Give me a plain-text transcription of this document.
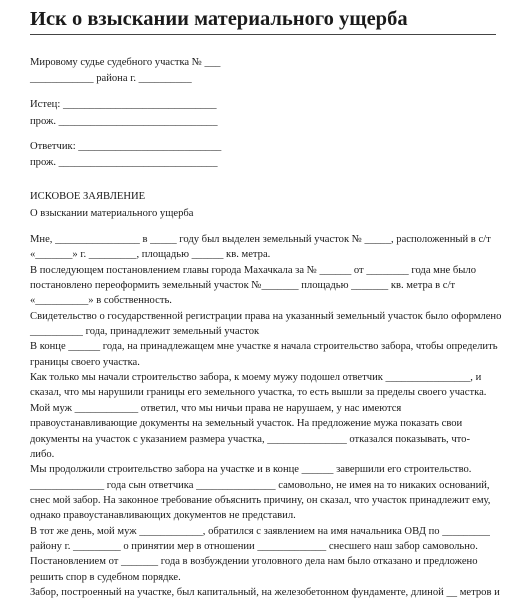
Иск о взыскании материального ущерба

Мировому судье судебного участка № ___

____________ района г. __________

Истец: _____________________________

прож. ______________________________

Ответчик: ___________________________

прож. ______________________________

ИСКОВОЕ ЗАЯВЛЕНИЕ

О взыскании материального ущерба

Мне, ________________ в _____ году был выделен земельный участок № _____, расположенный в с/т

«_______» г. _________, площадью ______ кв. метра.

В последующем постановлением главы города Махачкала за № ______ от ________ года мне было

постановлено переоформить земельный участок №_______ площадью _______ кв. метра в с/т

«__________» в собственность.

Свидетельство о государственной регистрации права на указанный земельный участок было оформлено

__________ года, принадлежит земельный участок

В конце ______ года, на принадлежащем мне участке я начала строительство забора, чтобы определить

границы своего участка.

Как только мы начали строительство забора, к моему мужу подошел ответчик ________________, и

сказал, что мы нарушили границы его земельного участка, то есть вышли за пределы своего участка.

Мой муж ____________ ответил, что мы ничьи права не нарушаем, у нас имеются

правоустанавливающие документы на земельный участок. На предложение мужа показать свои

документы на участок с указанием размера участка, _______________ отказался показывать, что-

либо.

Мы продолжили строительство забора на участке и в конце ______ завершили его строительство.

______________ года сын ответчика _______________ самовольно, не имея на то никаких оснований,

снес мой забор. На законное требование объяснить причину, он сказал, что участок принадлежит ему,

однако правоустанавливающих документов не представил.

В тот же день, мой муж ____________, обратился с заявлением на имя начальника ОВД по _________

району г. _________ о принятии мер в отношении _____________ снесшего наш забор самовольно.

Постановлением от _______ года в возбуждении уголовного дела нам было отказано и предложено

решить спор в судебном порядке.

Забор, построенный на участке, был капитальный, на железобетонном фундаменте, длиной __ метров и
